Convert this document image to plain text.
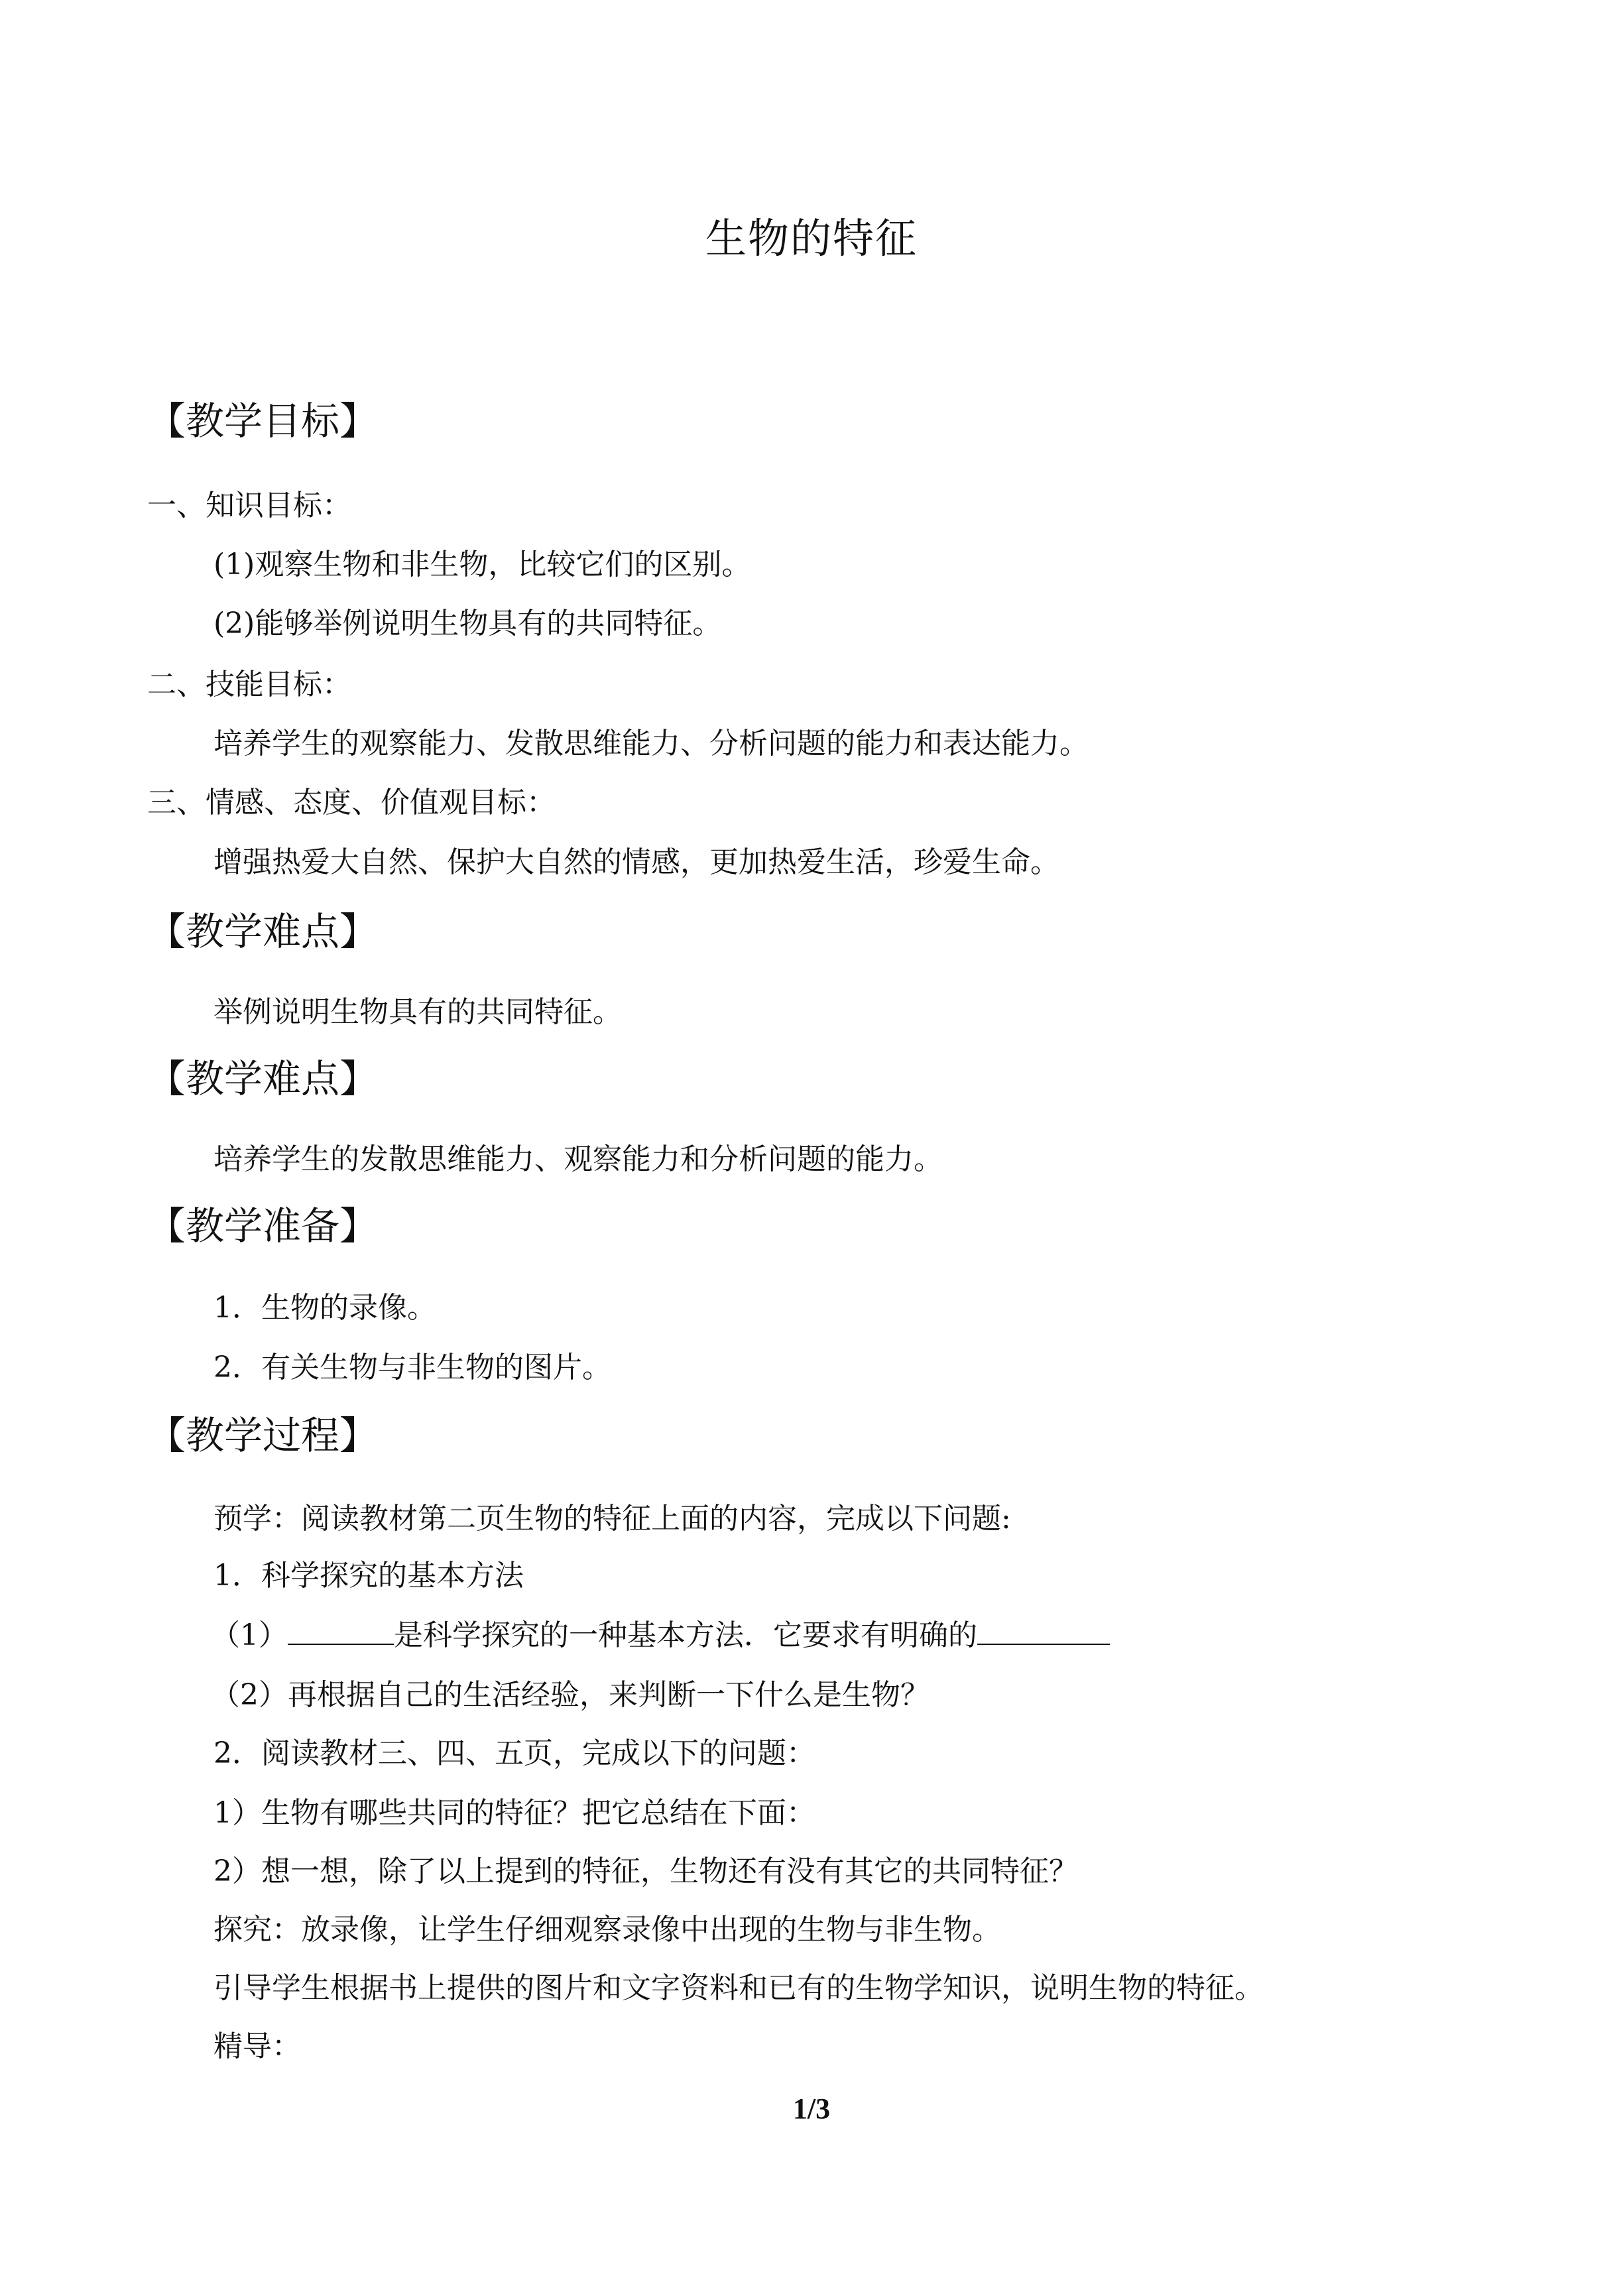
生物的特征
【教学目标】
一、知识目标：
(1)观察生物和非生物，比较它们的区别。
(2)能够举例说明生物具有的共同特征。
二、技能目标：
培养学生的观察能力、发散思维能力、分析问题的能力和表达能力。
三、情感、态度、价值观目标：
增强热爱大自然、保护大自然的情感，更加热爱生活，珍爱生命。
【教学难点】
举例说明生物具有的共同特征。
【教学难点】
培养学生的发散思维能力、观察能力和分析问题的能力。
【教学准备】
1．生物的录像。
2．有关生物与非生物的图片。
【教学过程】
预学：阅读教材第二页生物的特征上面的内容，完成以下问题:
1．科学探究的基本方法
（1）	是科学探究的一种基本方法．它要求有明确的
（2）再根据自己的生活经验，来判断一下什么是生物？
2．阅读教材三、四、五页，完成以下的问题：
1）生物有哪些共同的特征？把它总结在下面：
2）想一想，除了以上提到的特征，生物还有没有其它的共同特征？
探究：放录像，让学生仔细观察录像中出现的生物与非生物。
引导学生根据书上提供的图片和文字资料和已有的生物学知识，说明生物的特征。
精导：
1/3
